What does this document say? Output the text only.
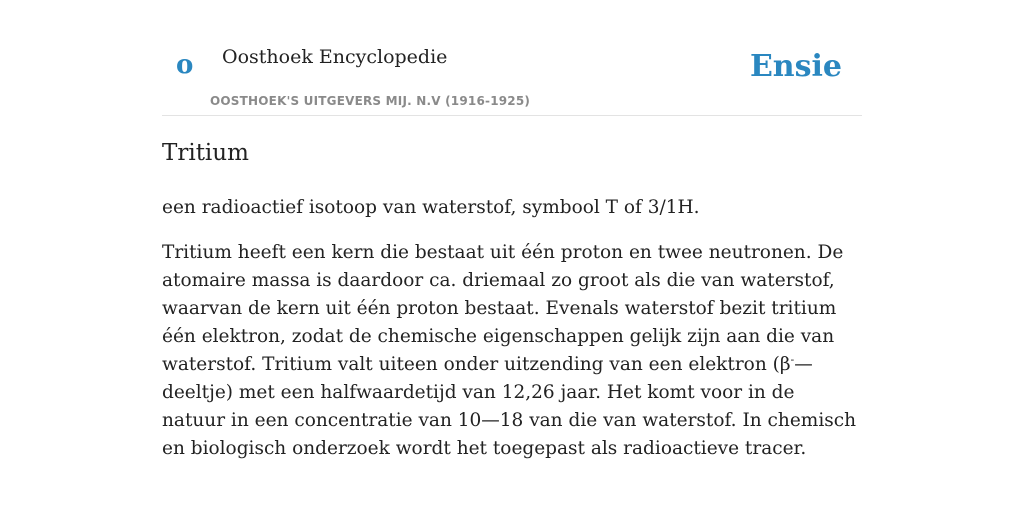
o Oosthoek Encyclopedie	Ensie
OOSTHOEK'S UITGEVERS MIJ. N.V (1916-1925)
Tritium

een radioactief isotoop van waterstof, symbool T of 3/1H.

Tritium heeft een kern die bestaat uit één proton en twee neutronen. De atomaire massa is daardoor ca. driemaal zo groot als die van waterstof, waarvan de kern uit één proton bestaat. Evenals waterstof bezit tritium één elektron, zodat de chemische eigenschappen gelijk zijn aan die van waterstof. Tritium valt uiteen onder uitzending van een elektron (β-—deeltje) met een halfwaardetijd van 12,26 jaar. Het komt voor in de natuur in een concentratie van 10—18 van die van waterstof. In chemisch en biologisch onderzoek wordt het toegepast als radioactieve tracer.
